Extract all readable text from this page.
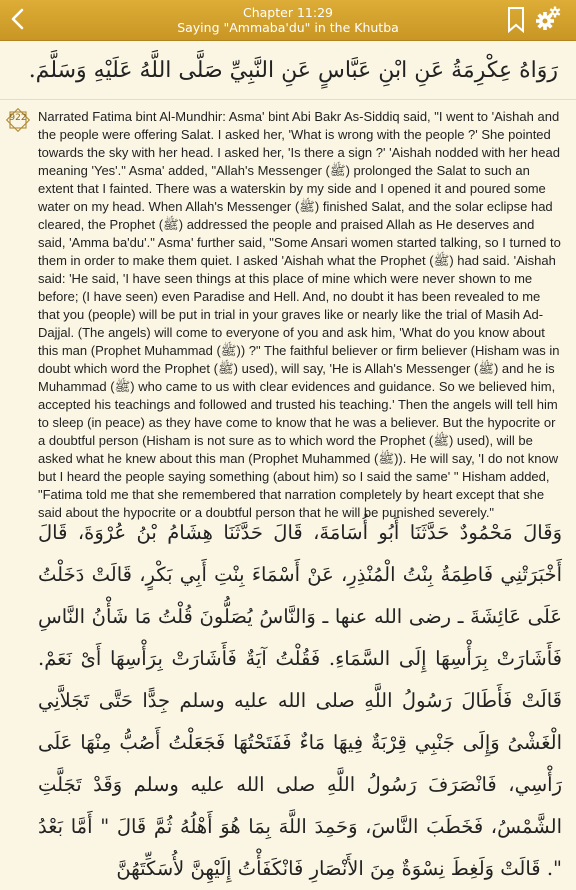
Chapter 11:29
Saying "Ammaba'du" in the Khutba
رَوَاهُ عِكْرِمَةُ عَنِ ابْنِ عَبَّاسٍ عَنِ النَّبِيِّ صَلَّى اللَّهُ عَلَيْهِ وَسَلَّمَ.
922 Narrated Fatima bint Al-Mundhir: Asma' bint Abi Bakr As-Siddiq said, "I went to 'Aishah and the people were offering Salat. I asked her, 'What is wrong with the people ?' She pointed towards the sky with her head. I asked her, 'Is there a sign ?' 'Aishah nodded with her head meaning 'Yes'." Asma' added, "Allah's Messenger (ﷺ) prolonged the Salat to such an extent that I fainted. There was a waterskin by my side and I opened it and poured some water on my head. When Allah's Messenger (ﷺ) finished Salat, and the solar eclipse had cleared, the Prophet (ﷺ) addressed the people and praised Allah as He deserves and said, 'Amma ba'du'." Asma' further said, "Some Ansari women started talking, so I turned to them in order to make them quiet. I asked 'Aishah what the Prophet (ﷺ) had said. 'Aishah said: 'He said, 'I have seen things at this place of mine which were never shown to me before; (I have seen) even Paradise and Hell. And, no doubt it has been revealed to me that you (people) will be put in trial in your graves like or nearly like the trial of Masih Ad-Dajjal. (The angels) will come to everyone of you and ask him, 'What do you know about this man (Prophet Muhammad (ﷺ)) ?" The faithful believer or firm believer (Hisham was in doubt which word the Prophet (ﷺ) used), will say, 'He is Allah's Messenger (ﷺ) and he is Muhammad (ﷺ) who came to us with clear evidences and guidance. So we believed him, accepted his teachings and followed and trusted his teaching.' Then the angels will tell him to sleep (in peace) as they have come to know that he was a believer. But the hypocrite or a doubtful person (Hisham is not sure as to which word the Prophet (ﷺ) used), will be asked what he knew about this man (Prophet Muhammed (ﷺ)). He will say, 'I do not know but I heard the people saying something (about him) so I said the same' " Hisham added, "Fatima told me that she remembered that narration completely by heart except that she said about the hypocrite or a doubtful person that he will be punished severely."

وَقَالَ مَحْمُودٌ حَدَّثَنَا أَبُو أُسَامَةَ، قَالَ حَدَّثَنَا هِشَامُ بْنُ عُرْوَةَ، قَالَ أَخْبَرَتْنِي فَاطِمَةُ بِنْتُ الْمُنْذِرِ، عَنْ أَسْمَاءَ بِنْتِ أَبِي بَكْرٍ، قَالَتْ دَخَلْتُ عَلَى عَائِشَةَ ـ رضى الله عنها ـ وَالنَّاسُ يُصَلُّونَ قُلْتُ مَا شَأْنُ النَّاسِ فَأَشَارَتْ بِرَأْسِهَا إِلَى السَّمَاءِ‏.‏ فَقُلْتُ آيَةٌ فَأَشَارَتْ بِرَأْسِهَا أَىْ نَعَمْ‏.‏ قَالَتْ فَأَطَالَ رَسُولُ اللَّهِ صلى الله عليه وسلم جِدًّا حَتَّى تَجَلاَّنِي الْغَشْىُ وَإِلَى جَنْبِي قِرْبَةٌ فِيهَا مَاءٌ فَفَتَحْتُهَا فَجَعَلْتُ أَصُبُّ مِنْهَا عَلَى رَأْسِي، فَانْصَرَفَ رَسُولُ اللَّهِ صلى الله عليه وسلم وَقَدْ تَجَلَّتِ الشَّمْسُ، فَخَطَبَ النَّاسَ، وَحَمِدَ اللَّهَ بِمَا هُوَ أَهْلُهُ ثُمَّ قَالَ ‏"‏ أَمَّا بَعْدُ ‏"‏‏.‏ قَالَتْ وَلَغِطَ نِسْوَةٌ مِنَ الأَنْصَارِ فَانْكَفَأْتُ إِلَيْهِنَّ لأُسَكِّتَهُنَّ
